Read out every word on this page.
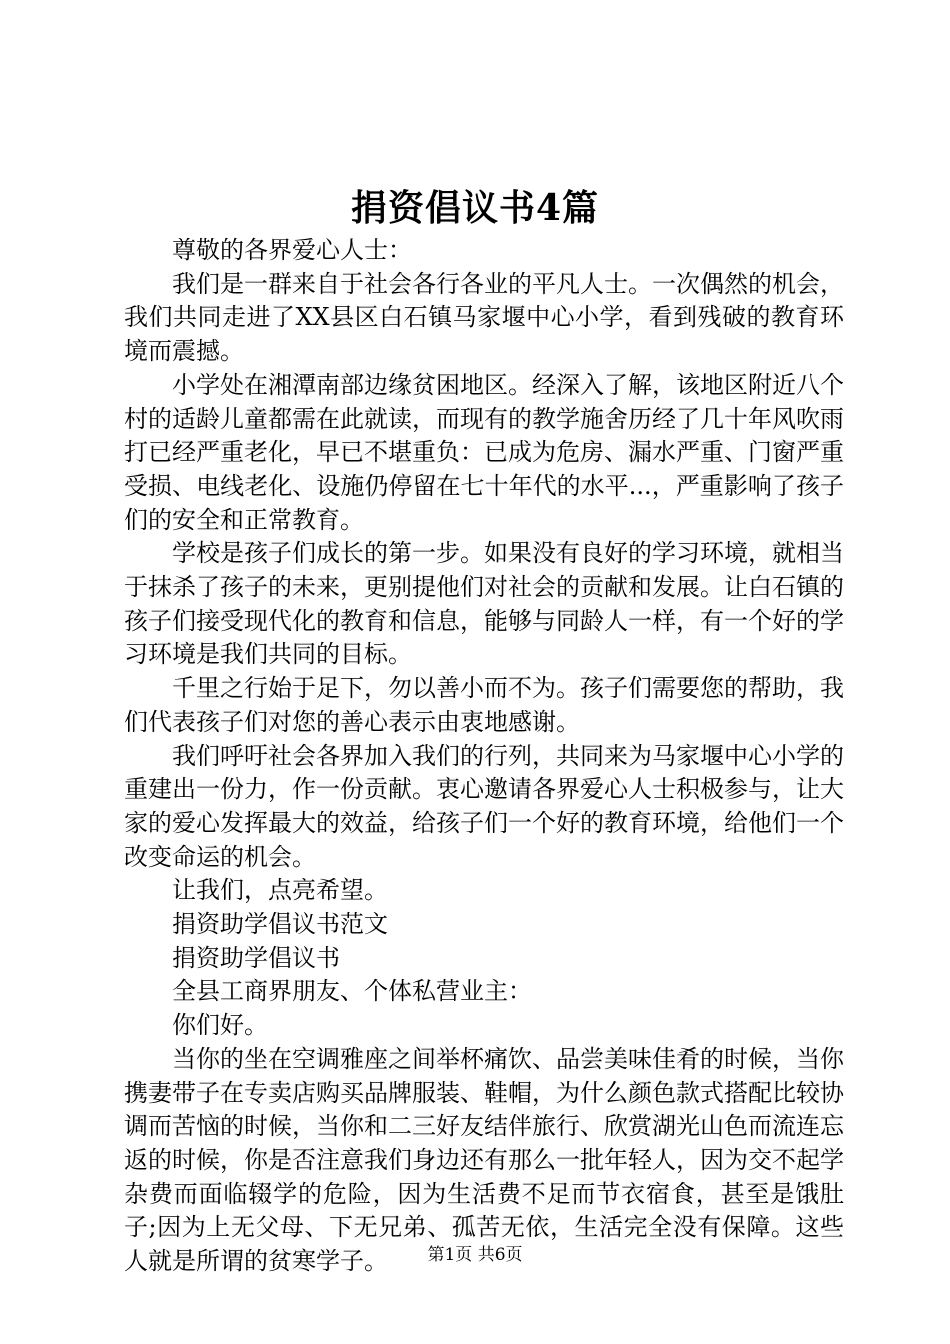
捐资倡议书4篇

尊敬的各界爱心人士：

我们是一群来自于社会各行各业的平凡人士。一次偶然的机会，我们共同走进了XX县区白石镇马家堰中心小学，看到残破的教育环境而震撼。

小学处在湘潭南部边缘贫困地区。经深入了解，该地区附近八个村的适龄儿童都需在此就读，而现有的教学施舍历经了几十年风吹雨打已经严重老化，早已不堪重负：已成为危房、漏水严重、门窗严重受损、电线老化、设施仍停留在七十年代的水平...，严重影响了孩子们的安全和正常教育。

学校是孩子们成长的第一步。如果没有良好的学习环境，就相当于抹杀了孩子的未来，更别提他们对社会的贡献和发展。让白石镇的孩子们接受现代化的教育和信息，能够与同龄人一样，有一个好的学习环境是我们共同的目标。

千里之行始于足下，勿以善小而不为。孩子们需要您的帮助，我们代表孩子们对您的善心表示由衷地感谢。

我们呼吁社会各界加入我们的行列，共同来为马家堰中心小学的重建出一份力，作一份贡献。衷心邀请各界爱心人士积极参与，让大家的爱心发挥最大的效益，给孩子们一个好的教育环境，给他们一个改变命运的机会。

让我们，点亮希望。

捐资助学倡议书范文

捐资助学倡议书

全县工商界朋友、个体私营业主：

你们好。

当你的坐在空调雅座之间举杯痛饮、品尝美味佳肴的时候，当你携妻带子在专卖店购买品牌服装、鞋帽，为什么颜色款式搭配比较协调而苦恼的时候，当你和二三好友结伴旅行、欣赏湖光山色而流连忘返的时候，你是否注意我们身边还有那么一批年轻人，因为交不起学杂费而面临辍学的危险，因为生活费不足而节衣宿食，甚至是饿肚子;因为上无父母、下无兄弟、孤苦无依，生活完全没有保障。这些人就是所谓的贫寒学子。	第1页 共6页
